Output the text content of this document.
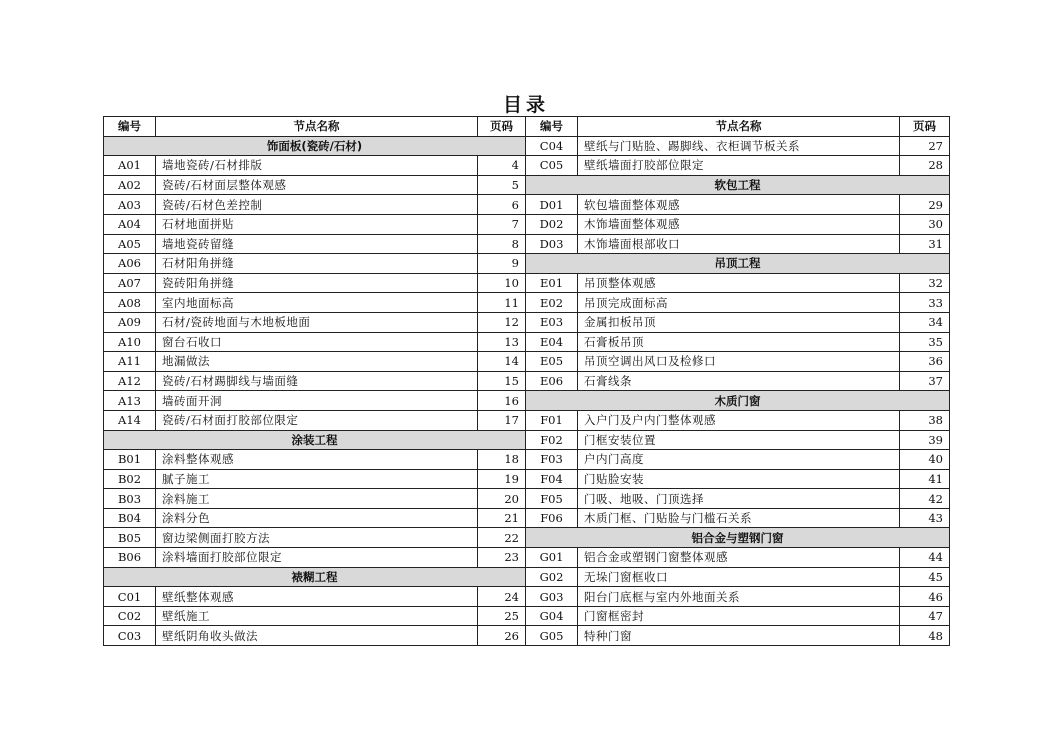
目录
编号	节点名称	页码
饰面板(瓷砖/石材)		
A01	墙地瓷砖/石材排版	4
A02	瓷砖/石材面层整体观感	5
A03	瓷砖/石材色差控制	6
A04	石材地面拼贴	7
A05	墙地瓷砖留缝	8
A06	石材阳角拼缝	9
A07	瓷砖阳角拼缝	10
A08	室内地面标高	11
A09	石材/瓷砖地面与木地板地面	12
A10	窗台石收口	13
A11	地漏做法	14
A12	瓷砖/石材踢脚线与墙面缝	15
A13	墙砖面开洞	16
A14	瓷砖/石材面打胶部位限定	17
涂装工程		
B01	涂料整体观感	18
B02	腻子施工	19
B03	涂料施工	20
B04	涂料分色	21
B05	窗边梁侧面打胶方法	22
B06	涂料墙面打胶部位限定	23
裱糊工程		
C01	壁纸整体观感	24
C02	壁纸施工	25
C03	壁纸阴角收头做法	26
编号	节点名称	页码
C04	壁纸与门贴脸、踢脚线、衣柜调节板关系	27
C05	壁纸墙面打胶部位限定	28
软包工程		
D01	软包墙面整体观感	29
D02	木饰墙面整体观感	30
D03	木饰墙面根部收口	31
吊顶工程		
E01	吊顶整体观感	32
E02	吊顶完成面标高	33
E03	金属扣板吊顶	34
E04	石膏板吊顶	35
E05	吊顶空调出风口及检修口	36
E06	石膏线条	37
木质门窗		
F01	入户门及户内门整体观感	38
F02	门框安装位置	39
F03	户内门高度	40
F04	门贴脸安装	41
F05	门吸、地吸、门顶选择	42
F06	木质门框、门贴脸与门槛石关系	43
铝合金与塑钢门窗		
G01	铝合金或塑钢门窗整体观感	44
G02	无垛门窗框收口	45
G03	阳台门底框与室内外地面关系	46
G04	门窗框密封	47
G05	特种门窗	48
